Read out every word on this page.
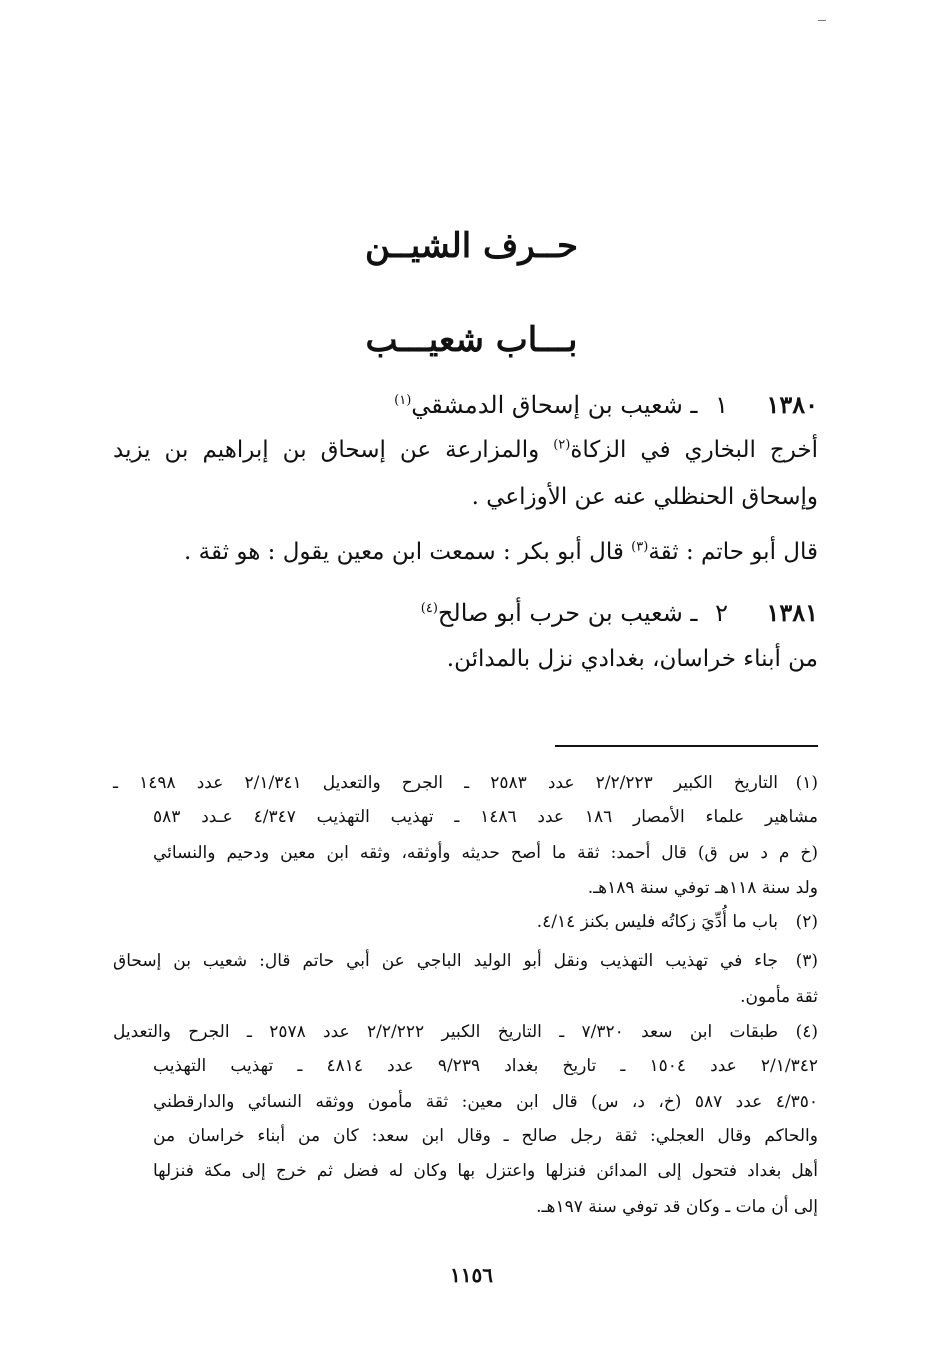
حــرف الشيــن
بـــاب شعيـــب
١٣٨٠١ ـ شعيب بن إسحاق الدمشقي$^{(١)}$
أخرج البخاري في الزكاة$^{(٢)}$ والمزارعة عن إسحاق بن إبراهيم بن يزيد
وإسحاق الحنظلي عنه عن الأوزاعي .
قال أبو حاتم : ثقة$^{(٣)}$ قال أبو بكر : سمعت ابن معين يقول : هو ثقة .
١٣٨١٢ ـ شعيب بن حرب أبو صالح$^{(٤)}$
من أبناء خراسان، بغدادي نزل بالمدائن.
(١)التاريخ الكبير ٢/٢/٢٢٣ عدد ٢٥٨٣ ـ الجرح والتعديل ٢/١/٣٤١ عدد ١٤٩٨ ـ
مشاهير علماء الأمصار ١٨٦ عدد ١٤٨٦ ـ تهذيب التهذيب ٤/٣٤٧ عـدد ٥٨٣
(خ م د س ق) قال أحمد: ثقة ما أصح حديثه وأوثقه، وثقه ابن معين ودحيم والنسائي
ولد سنة ١١٨هـ توفي سنة ١٨٩هـ.
(٢)باب ما أُدِّيَ زكاتُه فليس بكنز ٤/١٤.
(٣)جاء في تهذيب التهذيب ونقل أبو الوليد الباجي عن أبي حاتم قال: شعيب بن إسحاق
ثقة مأمون.
(٤)طبقات ابن سعد ٧/٣٢٠ ـ التاريخ الكبير ٢/٢/٢٢٢ عدد ٢٥٧٨ ـ الجرح والتعديل
٢/١/٣٤٢ عدد ١٥٠٤ ـ تاريخ بغداد ٩/٢٣٩ عدد ٤٨١٤ ـ تهذيب التهذيب
٤/٣٥٠ عدد ٥٨٧ (خ، د، س) قال ابن معين: ثقة مأمون ووثقه النسائي والدارقطني
والحاكم وقال العجلي: ثقة رجل صالح ـ وقال ابن سعد: كان من أبناء خراسان من
أهل بغداد فتحول إلى المدائن فنزلها واعتزل بها وكان له فضل ثم خرج إلى مكة فنزلها
إلى أن مات ـ وكان قد توفي سنة ١٩٧هـ.
١١٥٦
